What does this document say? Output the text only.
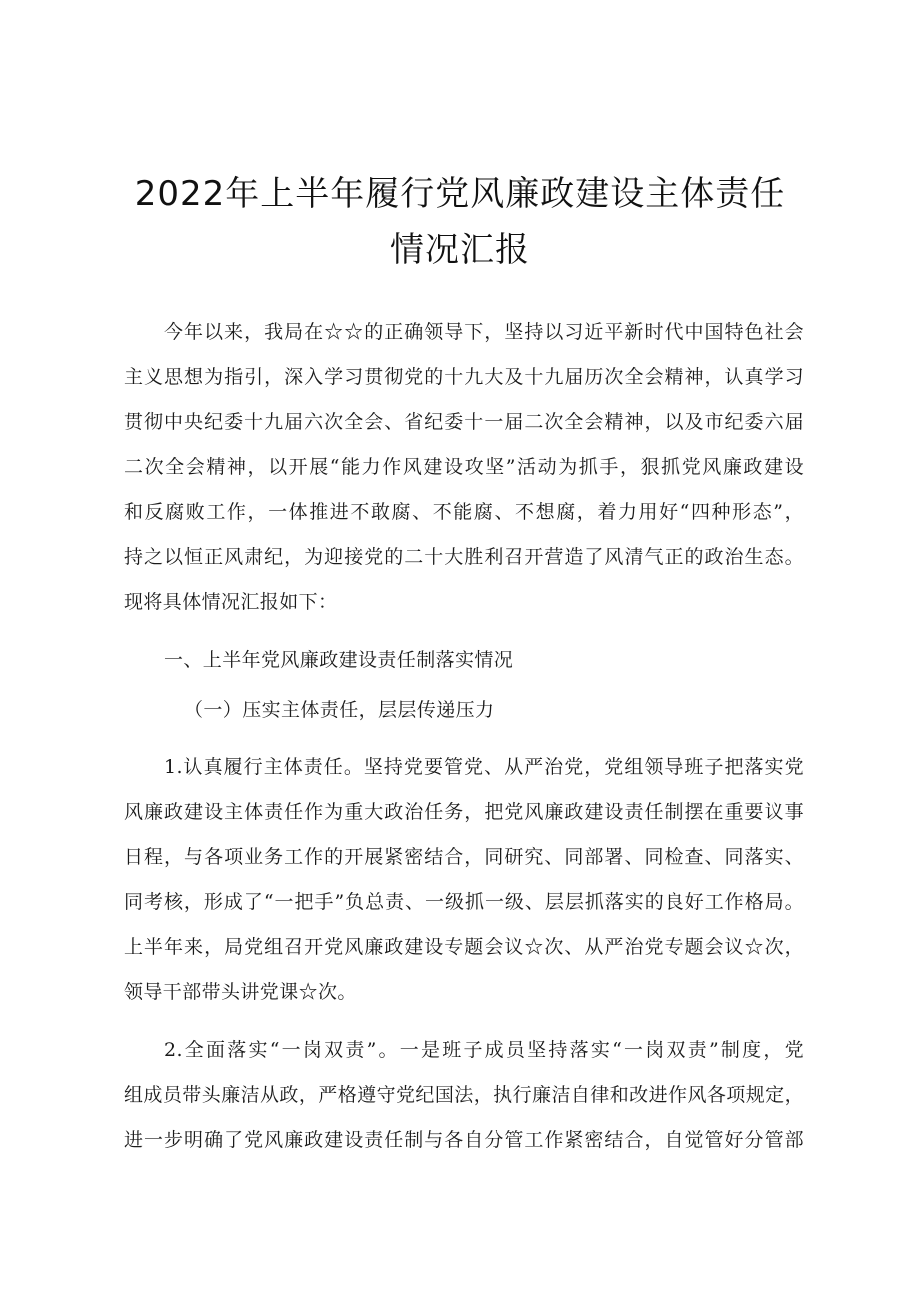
2022年上半年履行党风廉政建设主体责任
情况汇报
今年以来，我局在☆☆的正确领导下，坚持以习近平新时代中国特色社会
主义思想为指引，深入学习贯彻党的十九大及十九届历次全会精神，认真学习
贯彻中央纪委十九届六次全会、省纪委十一届二次全会精神，以及市纪委六届
二次全会精神，以开展“能力作风建设攻坚”活动为抓手，狠抓党风廉政建设
和反腐败工作，一体推进不敢腐、不能腐、不想腐，着力用好“四种形态”，
持之以恒正风肃纪，为迎接党的二十大胜利召开营造了风清气正的政治生态。
现将具体情况汇报如下：
一、上半年党风廉政建设责任制落实情况
（一）压实主体责任，层层传递压力
1.认真履行主体责任。坚持党要管党、从严治党，党组领导班子把落实党
风廉政建设主体责任作为重大政治任务，把党风廉政建设责任制摆在重要议事
日程，与各项业务工作的开展紧密结合，同研究、同部署、同检查、同落实、
同考核，形成了“一把手”负总责、一级抓一级、层层抓落实的良好工作格局。
上半年来，局党组召开党风廉政建设专题会议☆次、从严治党专题会议☆次，
领导干部带头讲党课☆次。
2.全面落实“一岗双责”。一是班子成员坚持落实“一岗双责”制度，党
组成员带头廉洁从政，严格遵守党纪国法，执行廉洁自律和改进作风各项规定，
进一步明确了党风廉政建设责任制与各自分管工作紧密结合，自觉管好分管部
